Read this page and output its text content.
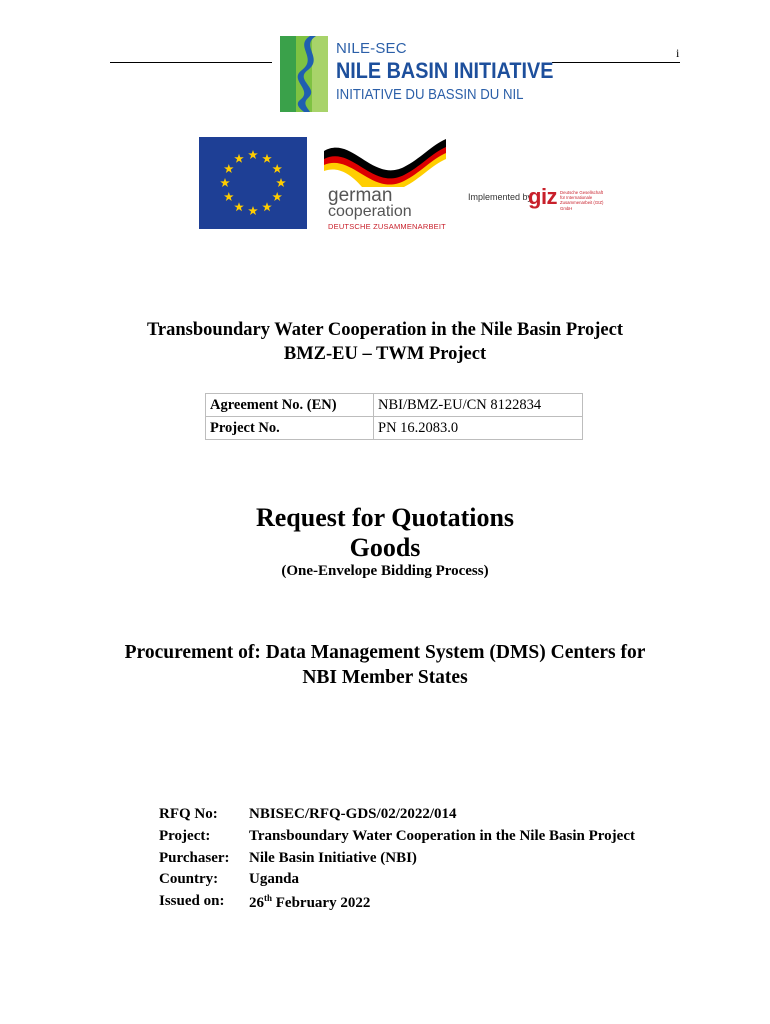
i
NILE-SEC
NILE BASIN INITIATIVE
INITIATIVE DU BASSIN DU NIL
german
cooperation
DEUTSCHE ZUSAMMENARBEIT
Implemented by
giz Deutsche Gesellschaft für Internationale Zusammenarbeit (GIZ) GmbH
Transboundary Water Cooperation in the Nile Basin Project
BMZ-EU – TWM Project
Agreement No. (EN)	NBI/BMZ-EU/CN 8122834
Project No.	PN 16.2083.0
Request for Quotations
Goods
(One-Envelope Bidding Process)
Procurement of: Data Management System (DMS) Centers for
NBI Member States
RFQ No: NBISEC/RFQ-GDS/02/2022/014
Project:	Transboundary Water Cooperation in the Nile Basin Project
Purchaser: Nile Basin Initiative (NBI)
Country: Uganda
Issued on: 26th February 2022
